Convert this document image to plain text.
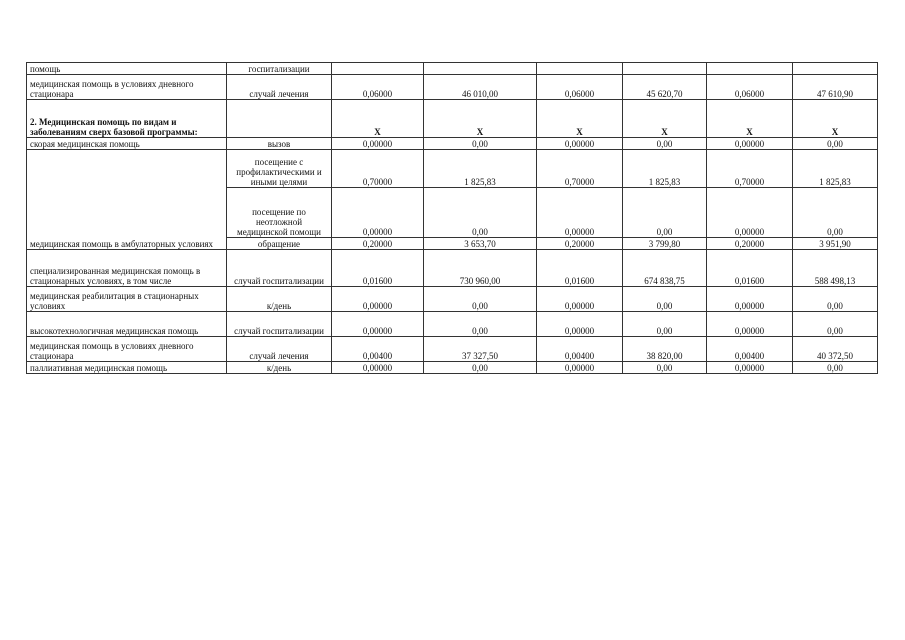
помощь	госпитализации						
медицинская помощь в условиях дневного стационара	случай лечения	0,06000	46 010,00	0,06000	45 620,70	0,06000	47 610,90
2. Медицинская помощь по видам и заболеваниям сверх базовой программы:		X	X	X	X	X	X
скорая медицинская помощь	вызов	0,00000	0,00	0,00000	0,00	0,00000	0,00
медицинская помощь в амбулаторных условиях	посещение с профилактическими и иными целями	0,70000	1 825,83	0,70000	1 825,83	0,70000	1 825,83
	посещение по неотложной медицинской помощи	0,00000	0,00	0,00000	0,00	0,00000	0,00
	обращение	0,20000	3 653,70	0,20000	3 799,80	0,20000	3 951,90
специализированная медицинская помощь в стационарных условиях, в том числе	случай госпитализации	0,01600	730 960,00	0,01600	674 838,75	0,01600	588 498,13
медицинская реабилитация в стационарных условиях	к/день	0,00000	0,00	0,00000	0,00	0,00000	0,00
высокотехнологичная медицинская помощь	случай госпитализации	0,00000	0,00	0,00000	0,00	0,00000	0,00
медицинская помощь в условиях дневного стационара	случай лечения	0,00400	37 327,50	0,00400	38 820,00	0,00400	40 372,50
паллиативная медицинская помощь	к/день	0,00000	0,00	0,00000	0,00	0,00000	0,00
